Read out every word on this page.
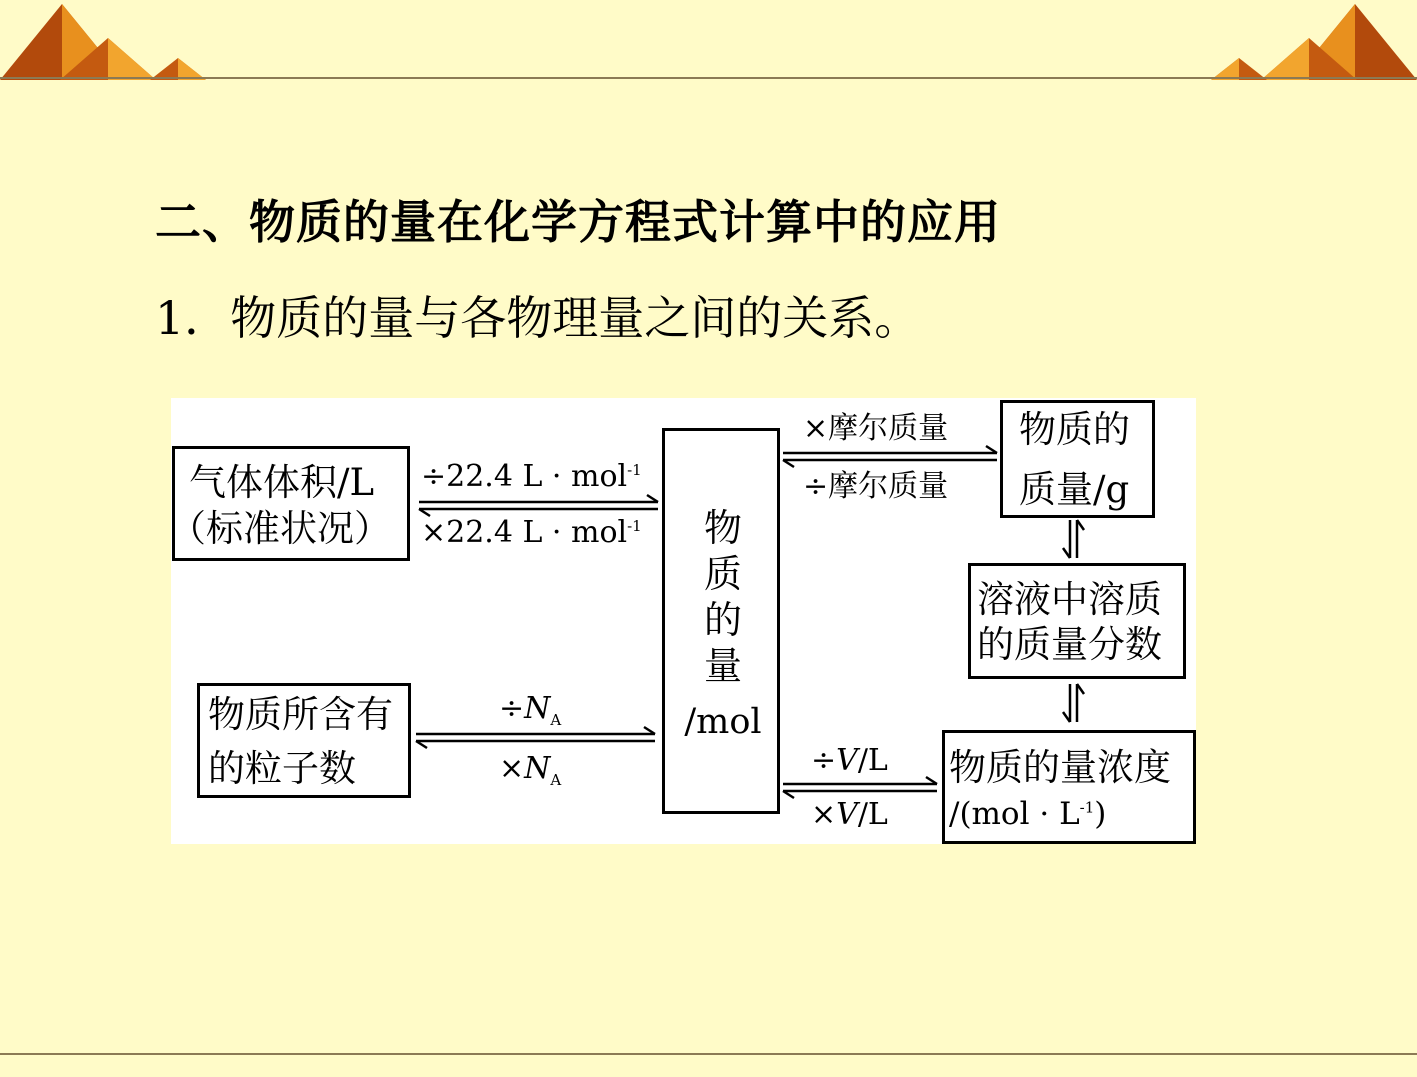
二、物质的量在化学方程式计算中的应用
1．物质的量与各物理量之间的关系。
物
质
的
量
/mol
气体体积/L
（标准状况）
÷22.4 L · mol$^{-1}$
×22.4 L · mol$^{-1}$
物质所含有
的粒子数
$\div N_A$
$\times N_A$
×摩尔质量
÷摩尔质量
物质的
质量/g
溶液中溶质
的质量分数
÷V/L
×V/L
物质的量浓度
$/(mol \cdot L^{-1})$
